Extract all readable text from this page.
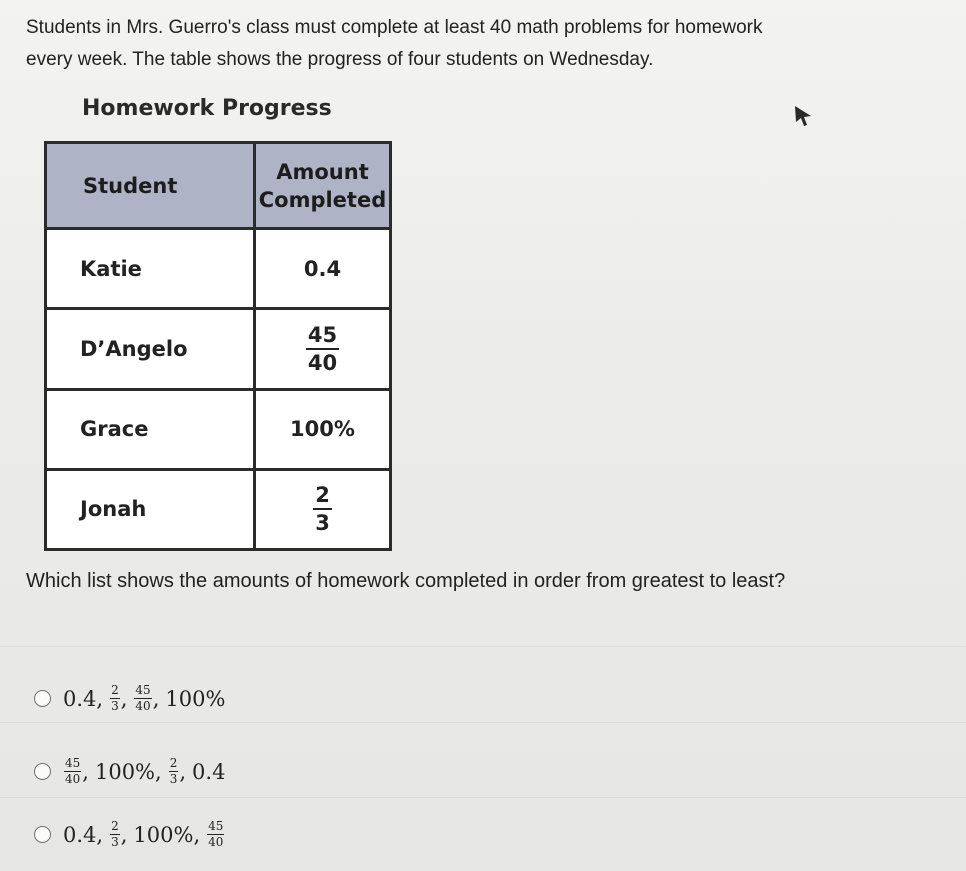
Students in Mrs. Guerro's class must complete at least 40 math problems for homework
every week. The table shows the progress of four students on Wednesday.
Homework Progress
Student	Amount
Completed

Katie	0.4
D’Angelo	$\frac{45}{40}$

Grace	100%
Jonah	$\frac{2}{3}$
Which list shows the amounts of homework completed in order from greatest to least?
0.4 , $\frac{2}{3}$ , $\frac{45}{40}$ , 100%
$\frac{45}{40}$ , 100% , $\frac{2}{3}$ , 0.4
0.4 , $\frac{2}{3}$ , 100% , $\frac{45}{40}$
